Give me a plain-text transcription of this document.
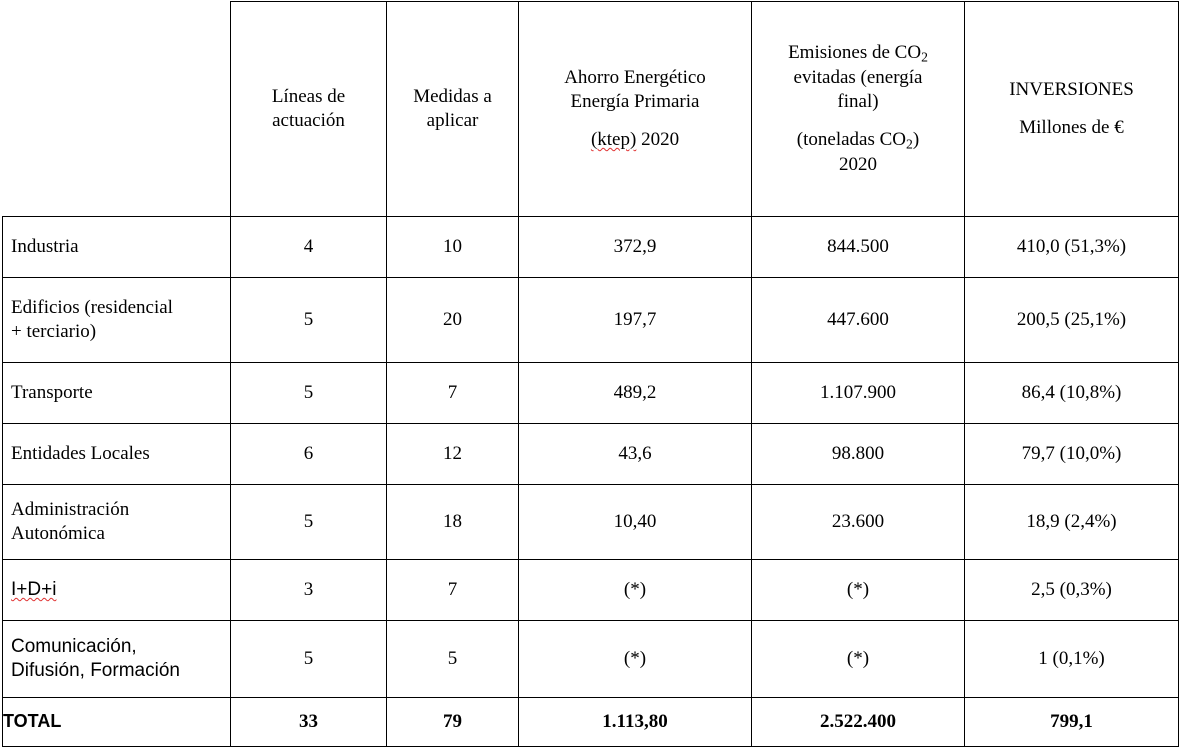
	Líneas de
actuación	Medidas a
aplicar	Ahorro Energético
Energía Primaria
(ktep) 2020	Emisiones de $CO_2$
evitadas (energía
final)
(toneladas $CO_2$)
2020	INVERSIONES
Millones de €

Industria	4	10	372,9	844.500	410,0 (51,3%)
Edificios (residencial
+ terciario)	5	20	197,7	447.600	200,5 (25,1%)
Transporte	5	7	489,2	1.107.900	86,4 (10,8%)
Entidades Locales	6	12	43,6	98.800	79,7 (10,0%)
Administración
Autonómica	5	18	10,40	23.600	18,9 (2,4%)
I+D+i	3	7	(*)	(*)	2,5 (0,3%)
Comunicación,
Difusión, Formación	5	5	(*)	(*)	1 (0,1%)
TOTAL	33	79	1.113,80	2.522.400	799,1
